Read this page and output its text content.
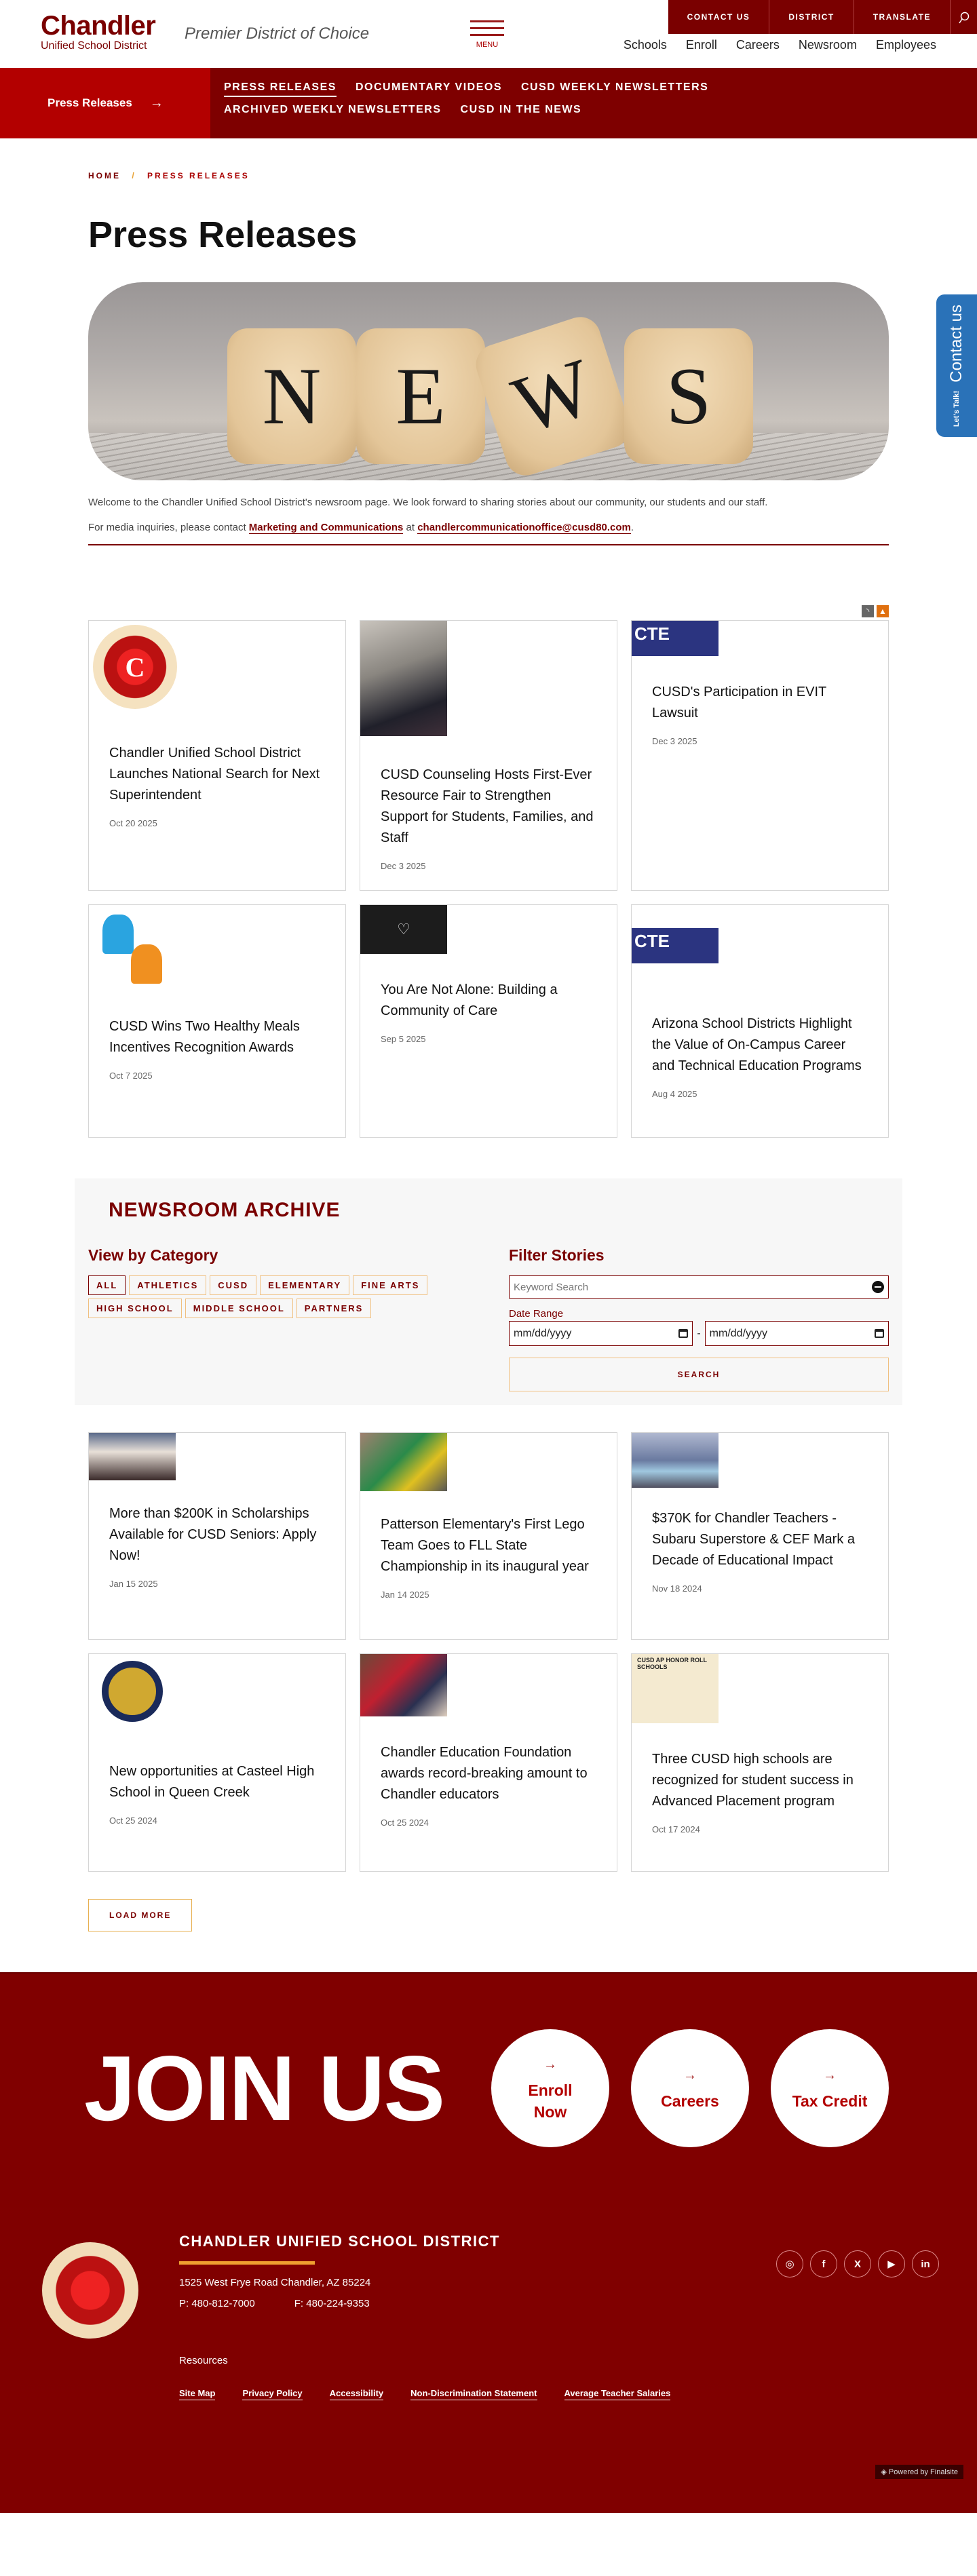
Chandler
Unified School District
Premier District of Choice
MENU
CONTACT US	DISTRICT	TRANSLATE
Schools Enroll Careers Newsroom Employees
Press Releases →
PRESS RELEASES DOCUMENTARY VIDEOS CUSD WEEKLY NEWSLETTERS
ARCHIVED WEEKLY NEWSLETTERS CUSD IN THE NEWS
Contact us
Let's Talk!
HOME / PRESS RELEASES
Press Releases
N E W S

Welcome to the Chandler Unified School District's newsroom page. We look forward to sharing stories about our community, our students and our staff.

For media inquiries, please contact Marketing and Communications at chandlercommunicationoffice@cusd80.com.

◝	▲
C
Chandler Unified School District Launches National Search for Next Superintendent
Oct 20 2025
CUSD Counseling Hosts First-Ever Resource Fair to Strengthen Support for Students, Families, and Staff
Dec 3 2025
CTE
CUSD's Participation in EVIT Lawsuit
Dec 3 2025
CUSD Wins Two Healthy Meals Incentives Recognition Awards
Oct 7 2025
♡
You Are Not Alone: Building a Community of Care
Sep 5 2025
CTE
Arizona School Districts Highlight the Value of On-Campus Career and Technical Education Programs
Aug 4 2025
NEWSROOM ARCHIVE
View by Category
ALL	ATHLETICS	CUSD	ELEMENTARY	FINE ARTS
HIGH SCHOOL	MIDDLE SCHOOL	PARTNERS
Filter Stories
Keyword Search
Date Range
mm/dd/yyyy	- mm/dd/yyyy
SEARCH
More than $200K in Scholarships Available for CUSD Seniors: Apply Now!
Jan 15 2025
Patterson Elementary's First Lego Team Goes to FLL State Championship in its inaugural year
Jan 14 2025
$370K for Chandler Teachers - Subaru Superstore & CEF Mark a Decade of Educational Impact
Nov 18 2024
New opportunities at Casteel High School in Queen Creek
Oct 25 2024
Chandler Education Foundation awards record-breaking amount to Chandler educators
Oct 25 2024
CUSD AP HONOR ROLL SCHOOLS
Three CUSD high schools are recognized for student success in Advanced Placement program
Oct 17 2024
LOAD MORE
JOIN US	→
Enroll Now
→
Careers
→
Tax Credit
CHANDLER UNIFIED SCHOOL DISTRICT
1525 West Frye Road Chandler, AZ 85224
P: 480-812-7000	F: 480-224-9353
◎	f	X	▶	in
Resources
Site Map	Privacy Policy	Accessibility	Non-Discrimination Statement	Average Teacher Salaries
◈ Powered by Finalsite
